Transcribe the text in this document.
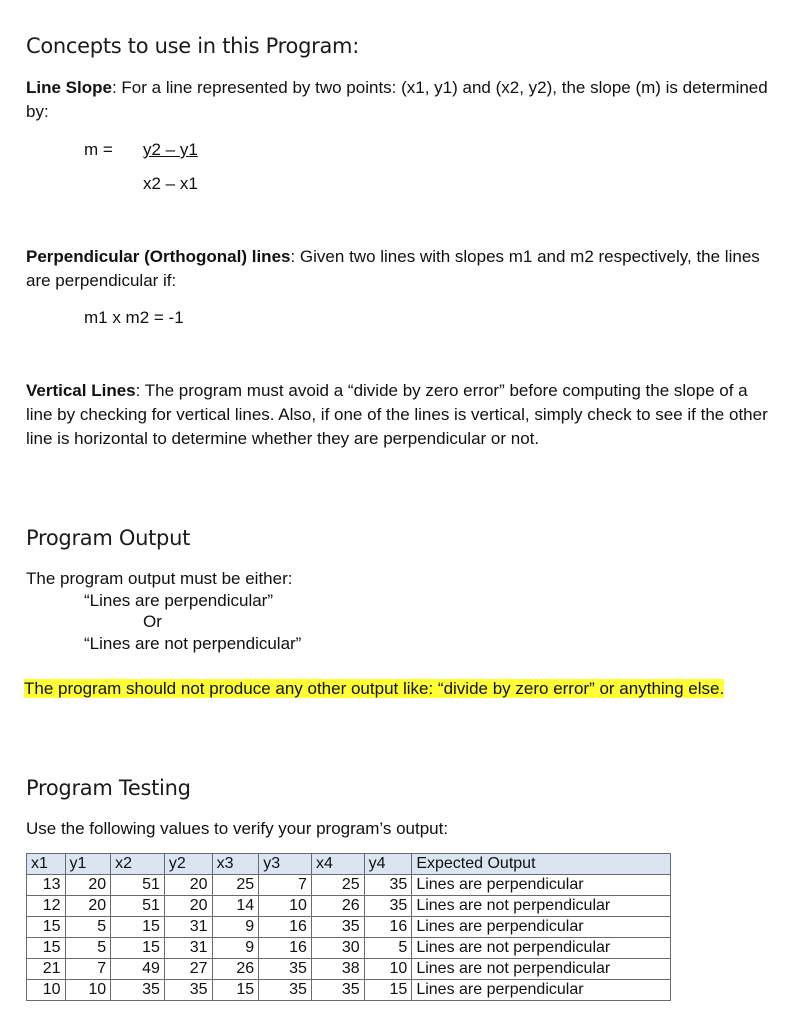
Concepts to use in this Program:

Line Slope: For a line represented by two points: (x1, y1) and (x2, y2), the slope (m) is determined by:

m = y2 – y1
x2 – x1

Perpendicular (Orthogonal) lines: Given two lines with slopes m1 and m2 respectively, the lines are perpendicular if:

m1 x m2 = -1

Vertical Lines: The program must avoid a “divide by zero error” before computing the slope of a line by checking for vertical lines. Also, if one of the lines is vertical, simply check to see if the other line is horizontal to determine whether they are perpendicular or not.

Program Output
The program output must be either:
“Lines are perpendicular”
Or
“Lines are not perpendicular”

The program should not produce any other output like: “divide by zero error” or anything else.

Program Testing
Use the following values to verify your program’s output:
x1	y1	x2	y2	x3	y3	x4	y4	Expected Output
13	20	51	20	25	7	25	35	Lines are perpendicular
12	20	51	20	14	10	26	35	Lines are not perpendicular
15	5	15	31	9	16	35	16	Lines are perpendicular
15	5	15	31	9	16	30	5	Lines are not perpendicular
21	7	49	27	26	35	38	10	Lines are not perpendicular
10	10	35	35	15	35	35	15	Lines are perpendicular
